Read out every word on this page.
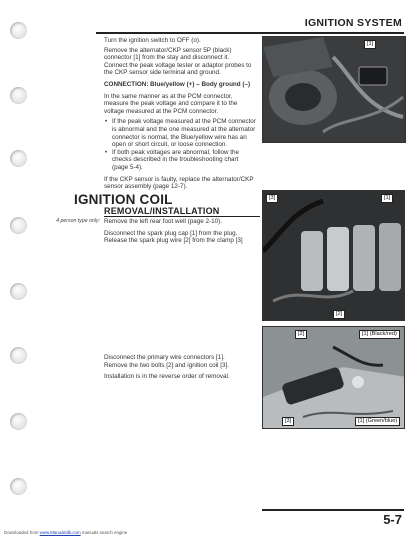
IGNITION SYSTEM

Turn the ignition switch to OFF (o).

Remove the alternator/CKP sensor 5P (black) connector [1] from the stay and disconnect it.

Connect the peak voltage tester or adaptor probes to the CKP sensor side terminal and ground.

CONNECTION: Blue/yellow (+) – Body ground (–)

In the same manner as at the PCM connector, measure the peak voltage and compare it to the voltage measured at the PCM connector.

• If the peak voltage measured at the PCM connector is abnormal and the one measured at the alternator connector is normal, the Blue/yellow wire has an open or short circuit, or loose connection.
• If both peak voltages are abnormal, follow the checks described in the troubleshooting chart (page 5-4).

If the CKP sensor is faulty, replace the alternator/CKP sensor assembly (page 12-7).

[1]
IGNITION COIL
REMOVAL/INSTALLATION
4 person type only: Remove the left rear foot well (page 2-10).

Disconnect the spark plug cap [1] from the plug.

Release the spark plug wire [2] from the clamp [3]

[3]	[1]
[2]

Disconnect the primary wire connectors [1].

Remove the two bolts [2] and ignition coil [3].

Installation is in the reverse order of removal.

[2]	[1] (Black/red)
[3]	[1] (Green/blue)
5-7
Downloaded from www.Manualslib.com manuals search engine
